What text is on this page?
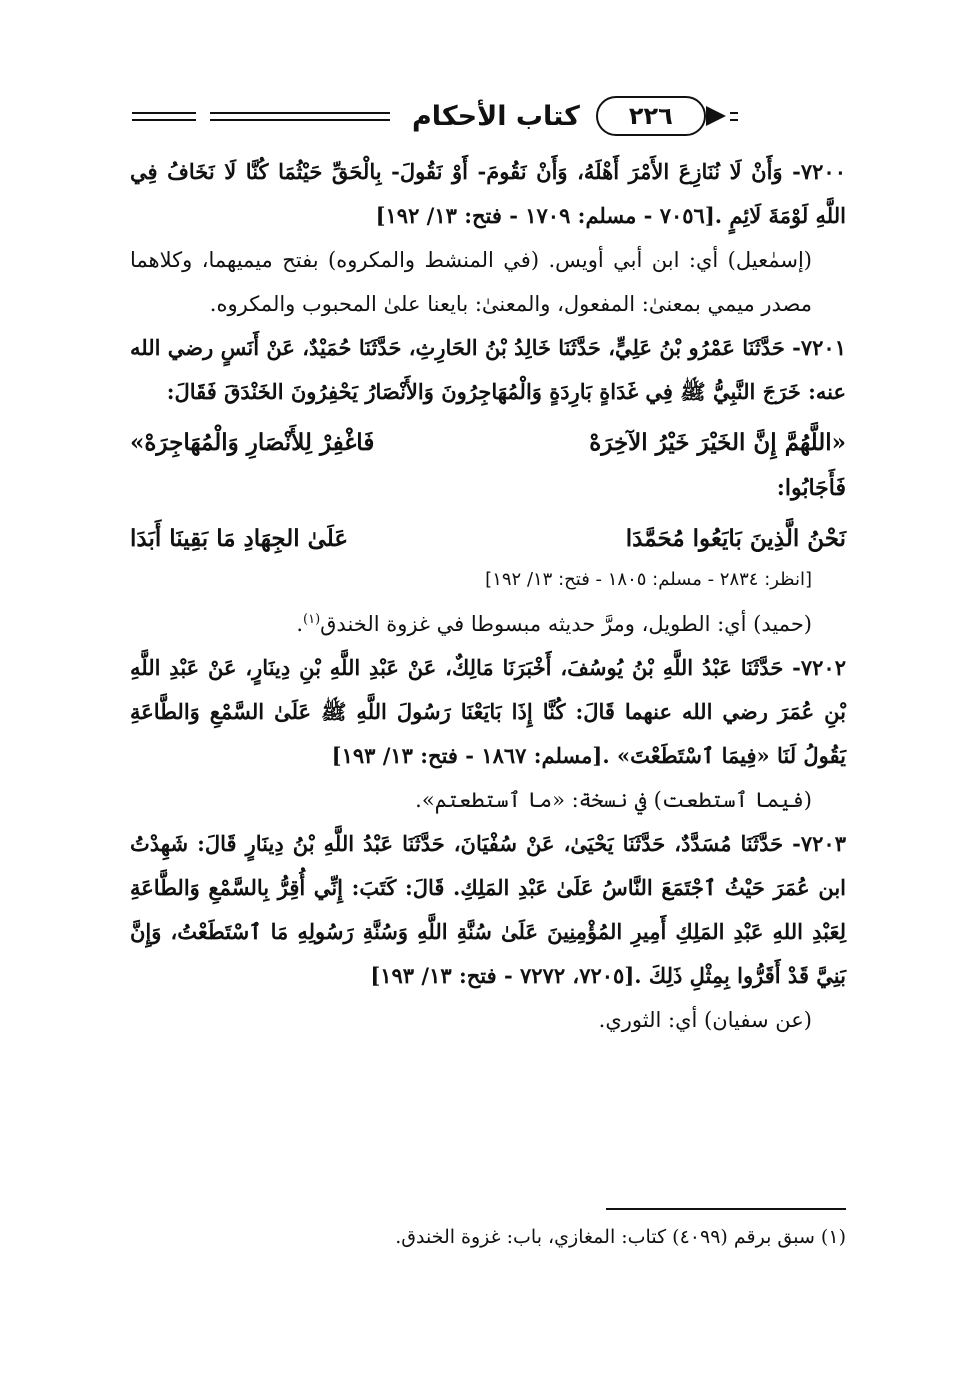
كتاب الأحكام ٢٢٦

٧٢٠٠- وَأَنْ لَا نُنَازِعَ الأَمْرَ أَهْلَهُ، وَأَنْ نَقُومَ- أَوْ نَقُولَ- بِالْحَقِّ حَيْثُمَا كُنَّا لَا نَخَافُ فِي اللَّهِ لَوْمَةَ لَائِمٍ .[٧٠٥٦ - مسلم: ١٧٠٩ - فتح: ١٣/ ١٩٢]

(إسمٰعيل) أي: ابن أبي أويس. (في المنشط والمكروه) بفتح ميميهما، وكلاهما مصدر ميمي بمعنىٰ: المفعول، والمعنىٰ: بايعنا علىٰ المحبوب والمكروه.

٧٢٠١- حَدَّثَنَا عَمْرُو بْنُ عَلِيٍّ، حَدَّثَنَا خَالِدُ بْنُ الحَارِثِ، حَدَّثَنَا حُمَيْدٌ، عَنْ أَنَسٍ رضي الله عنه: خَرَجَ النَّبِيُّ ﷺ فِي غَدَاةٍ بَارِدَةٍ وَالْمُهَاجِرُونَ وَالأَنْصَارُ يَحْفِرُونَ الخَنْدَقَ فَقَالَ:

«اللَّهُمَّ إِنَّ الخَيْرَ خَيْرُ الآخِرَهْ
فَاغْفِرْ لِلأَنْصَارِ وَالْمُهَاجِرَهْ»

فَأَجَابُوا:

نَحْنُ الَّذِينَ بَايَعُوا مُحَمَّدَا
عَلَىٰ الجِهَادِ مَا بَقِينَا أَبَدَا

[انظر: ٢٨٣٤ - مسلم: ١٨٠٥ - فتح: ١٣/ ١٩٢]

(حميد) أي: الطويل، ومرَّ حديثه مبسوطا في غزوة الخندق$^{(١)}$.

٧٢٠٢- حَدَّثَنَا عَبْدُ اللَّهِ بْنُ يُوسُفَ، أَخْبَرَنَا مَالِكٌ، عَنْ عَبْدِ اللَّهِ بْنِ دِينَارٍ، عَنْ عَبْدِ اللَّهِ بْنِ عُمَرَ رضي الله عنهما قَالَ: كُنَّا إِذَا بَايَعْنَا رَسُولَ اللَّهِ ﷺ عَلَىٰ السَّمْعِ وَالطَّاعَةِ يَقُولُ لَنَا «فِيمَا ٱسْتَطَعْتَ» .[مسلم: ١٨٦٧ - فتح: ١٣/ ١٩٣]

(فيما ٱستطعت) في نسخة: «ما ٱستطعتم».

٧٢٠٣- حَدَّثَنَا مُسَدَّدٌ، حَدَّثَنَا يَحْيَىٰ، عَنْ سُفْيَانَ، حَدَّثَنَا عَبْدُ اللَّهِ بْنُ دِينَارٍ قَالَ: شَهِدْتُ ابن عُمَرَ حَيْثُ ٱجْتَمَعَ النَّاسُ عَلَىٰ عَبْدِ المَلِكِ. قَالَ: كَتَبَ: إِنِّي أُقِرُّ بِالسَّمْعِ وَالطَّاعَةِ لِعَبْدِ اللهِ عَبْدِ المَلِكِ أَمِيرِ المُؤْمِنِينَ عَلَىٰ سُنَّةِ اللَّهِ وَسُنَّةِ رَسُولِهِ مَا ٱسْتَطَعْتُ، وَإِنَّ بَنِيَّ قَدْ أَقَرُّوا بِمِثْلِ ذَلِكَ .[٧٢٠٥، ٧٢٧٢ - فتح: ١٣/ ١٩٣]

(عن سفيان) أي: الثوري.

(١) سبق برقم (٤٠٩٩) كتاب: المغازي، باب: غزوة الخندق.
